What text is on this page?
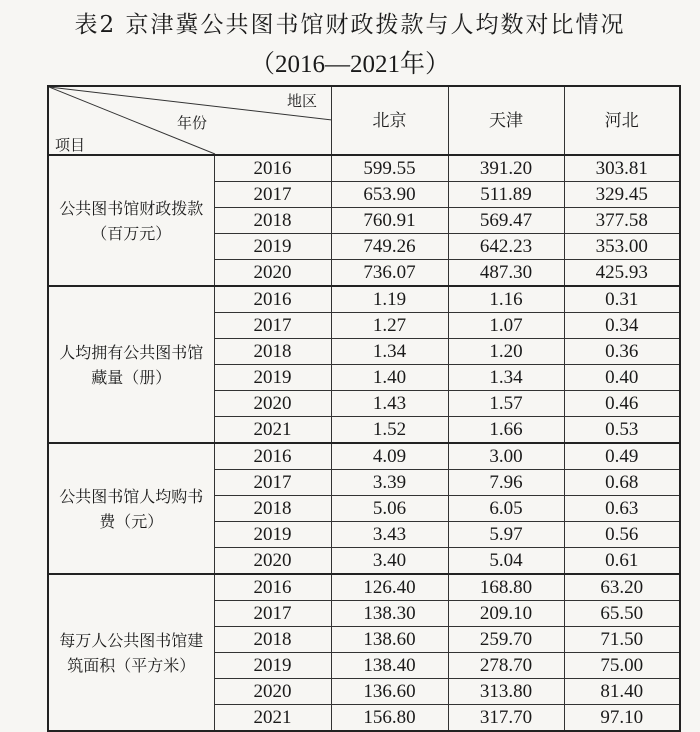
表2 京津冀公共图书馆财政拨款与人均数对比情况
（2016—2021年）
地区
年份
项目		北京	天津	河北
公共图书馆财政拨款（百万元）	2016	599.55	391.20	303.81
	2017	653.90	511.89	329.45
	2018	760.91	569.47	377.58
	2019	749.26	642.23	353.00
	2020	736.07	487.30	425.93
人均拥有公共图书馆藏量（册）	2016	1.19	1.16	0.31
	2017	1.27	1.07	0.34
	2018	1.34	1.20	0.36
	2019	1.40	1.34	0.40
	2020	1.43	1.57	0.46
	2021	1.52	1.66	0.53
公共图书馆人均购书费（元）	2016	4.09	3.00	0.49
	2017	3.39	7.96	0.68
	2018	5.06	6.05	0.63
	2019	3.43	5.97	0.56
	2020	3.40	5.04	0.61
每万人公共图书馆建筑面积（平方米）	2016	126.40	168.80	63.20
	2017	138.30	209.10	65.50
	2018	138.60	259.70	71.50
	2019	138.40	278.70	75.00
	2020	136.60	313.80	81.40
	2021	156.80	317.70	97.10
